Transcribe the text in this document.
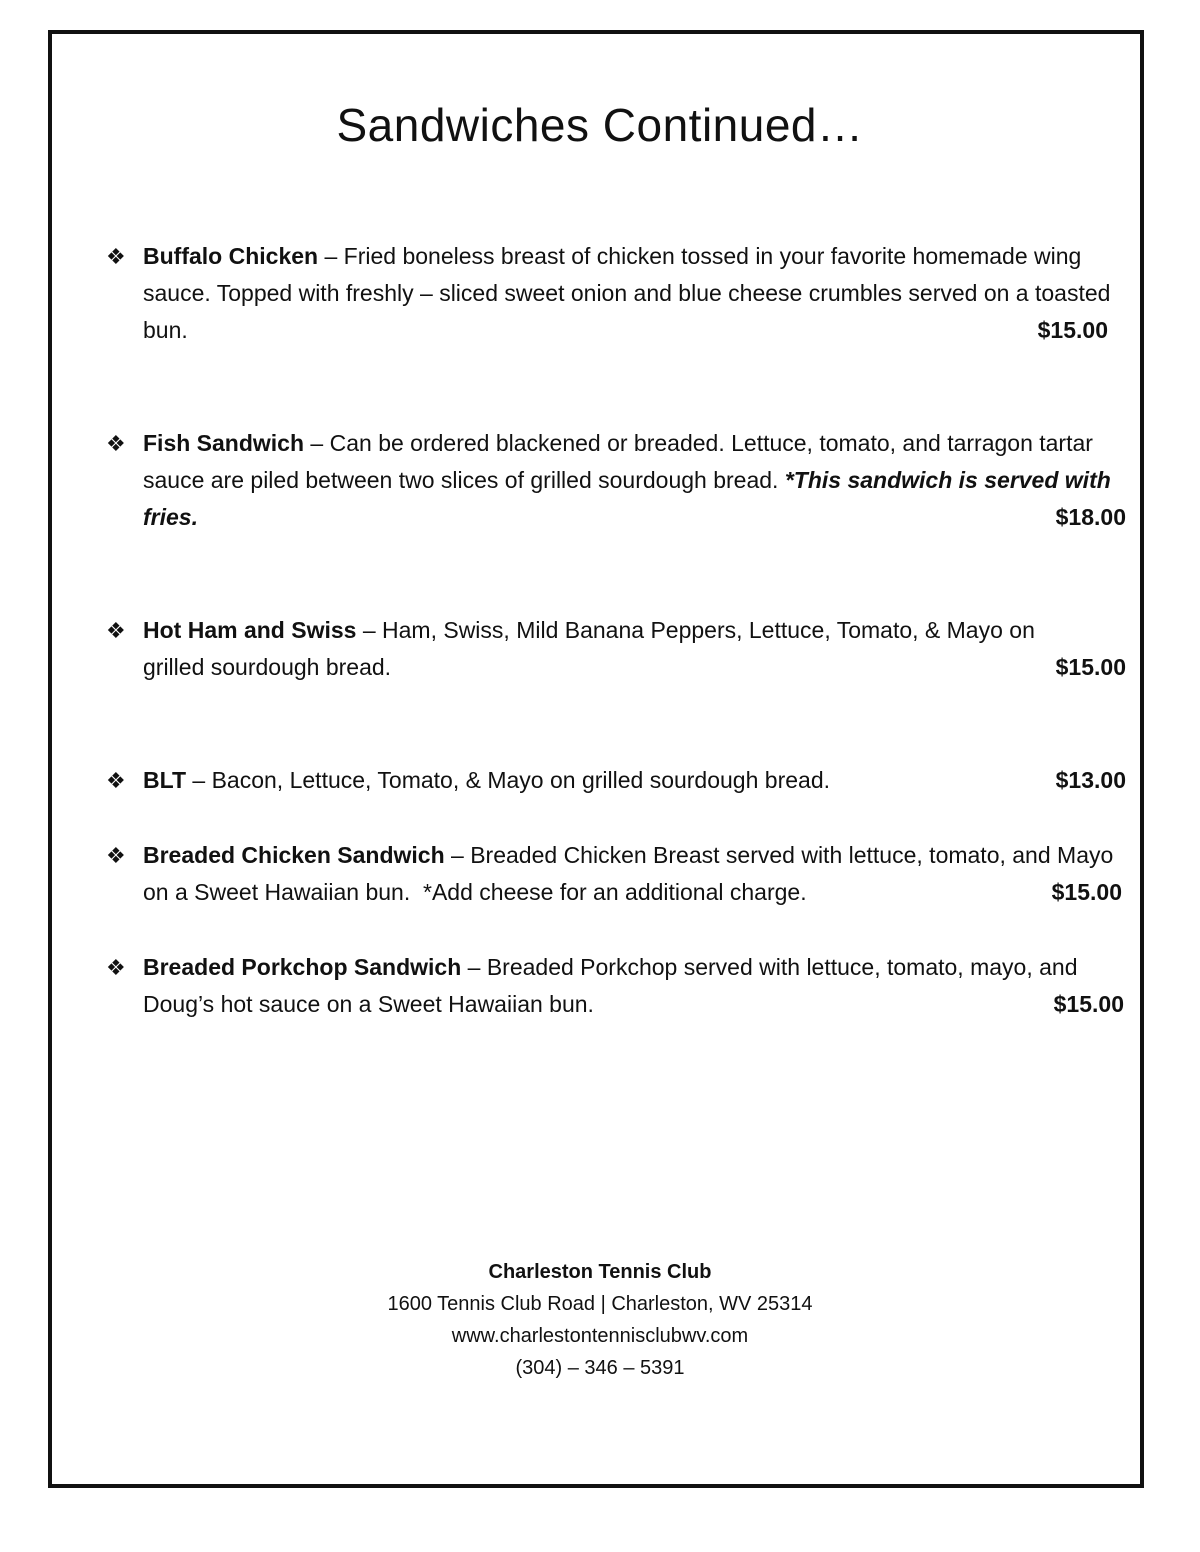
Sandwiches Continued…
❖ Buffalo Chicken – Fried boneless breast of chicken tossed in your favorite homemade wing sauce. Topped with freshly – sliced sweet onion and blue cheese crumbles served on a toasted bun.	$15.00
❖ Fish Sandwich – Can be ordered blackened or breaded. Lettuce, tomato, and tarragon tartar sauce are piled between two slices of grilled sourdough bread. *This sandwich is served with fries.	$18.00
❖ Hot Ham and Swiss – Ham, Swiss, Mild Banana Peppers, Lettuce, Tomato, & Mayo on grilled sourdough bread.	$15.00
❖ BLT – Bacon, Lettuce, Tomato, & Mayo on grilled sourdough bread.	$13.00
❖ Breaded Chicken Sandwich – Breaded Chicken Breast served with lettuce, tomato, and Mayo on a Sweet Hawaiian bun.  *Add cheese for an additional charge.	$15.00
❖ Breaded Porkchop Sandwich – Breaded Porkchop served with lettuce, tomato, mayo, and Doug’s hot sauce on a Sweet Hawaiian bun.	$15.00
Charleston Tennis Club
1600 Tennis Club Road | Charleston, WV 25314
www.charlestontennisclubwv.com
(304) – 346 – 5391
